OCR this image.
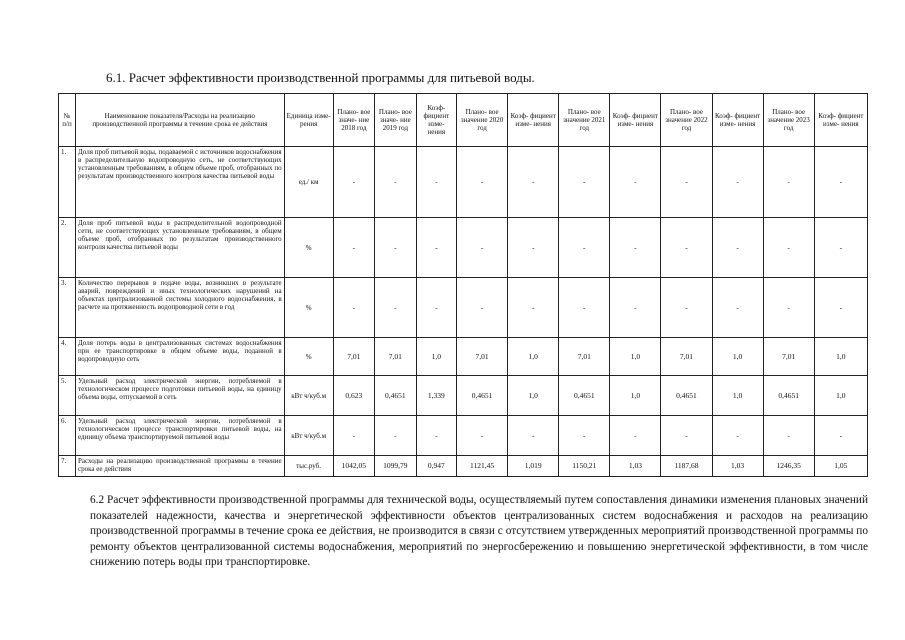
6.1. Расчет эффективности производственной программы для питьевой воды.
№ п/п	Наименование показателя/Расходы на реализацию производственной программы в течение срока ее действия	Единица изме- рения	Плано- вое значе- ние 2018 год	Плано- вое значе- ние 2019 год	Коэф- фициент изме- нения	Плано- вое значение 2020 год	Коэф- фициент изме- нения	Плано- вое значение 2021 год	Коэф- фициент изме- нения	Плано- вое значение 2022 год	Коэф- фициент изме- нения	Плано- вое значение 2023 год	Коэф- фициент изме- нения
1.	Доля проб питьевой воды, подаваемой с источников водоснабжения в распределительную водопроводную сеть, не соответствующих установленным требованиям, в общем объеме проб, отобранных по результатам производственного контроля качества питьевой воды	ед./ км	-	-	-	-	-	-	-	-	-	-	-
2.	Доля проб питьевой воды в распределительной водопроводной сети, не соответствующих установленным требованиям, в общем объеме проб, отобранных по результатам производственного контроля качества питьевой воды	%	-	-	-	-	-	-	-	-	-	-	-
3.	Количество перерывов в подаче воды, возникших в результате аварий, повреждений и иных технологических нарушений на объектах централизованной системы холодного водоснабжения, в расчете на протяженность водопроводной сети в год	%	-	-	-	-	-	-	-	-	-	-	-
4.	Доля потерь воды в централизованных системах водоснабжения при ее транспортировке в общем объеме воды, поданной в водопроводную сеть	%	7,01	7,01	1,0	7,01	1,0	7,01	1,0	7,01	1,0	7,01	1,0
5.	Удельный расход электрической энергии, потребляемой в технологическом процессе подготовки питьевой воды, на единицу объема воды, отпускаемой в сеть	кВт ч/куб.м	0,623	0,4651	1,339	0,4651	1,0	0,4651	1,0	0,4651	1,0	0,4651	1,0
6.	Удельный расход электрической энергии, потребляемой в технологическом процессе транспортировки питьевой воды, на единицу объема транспортируемой питьевой воды	кВт ч/куб.м	-	-	-	-	-	-	-	-	-	-	-
7.	Расходы на реализацию производственной программы в течение срока ее действия	тыс.руб.	1042,05	1099,79	0,947	1121,45	1,019	1150,21	1,03	1187,68	1,03	1246,35	1,05
6.2 Расчет эффективности производственной программы для технической воды, осуществляемый путем сопоставления динамики изменения плановых значений показателей надежности, качества и энергетической эффективности объектов централизованных систем водоснабжения и расходов на реализацию производственной программы в течение срока ее действия, не производится в связи с отсутствием утвержденных мероприятий производственной программы по ремонту объектов централизованной системы водоснабжения, мероприятий по энергосбережению и повышению энергетической эффективности, в том числе снижению потерь воды при транспортировке.
